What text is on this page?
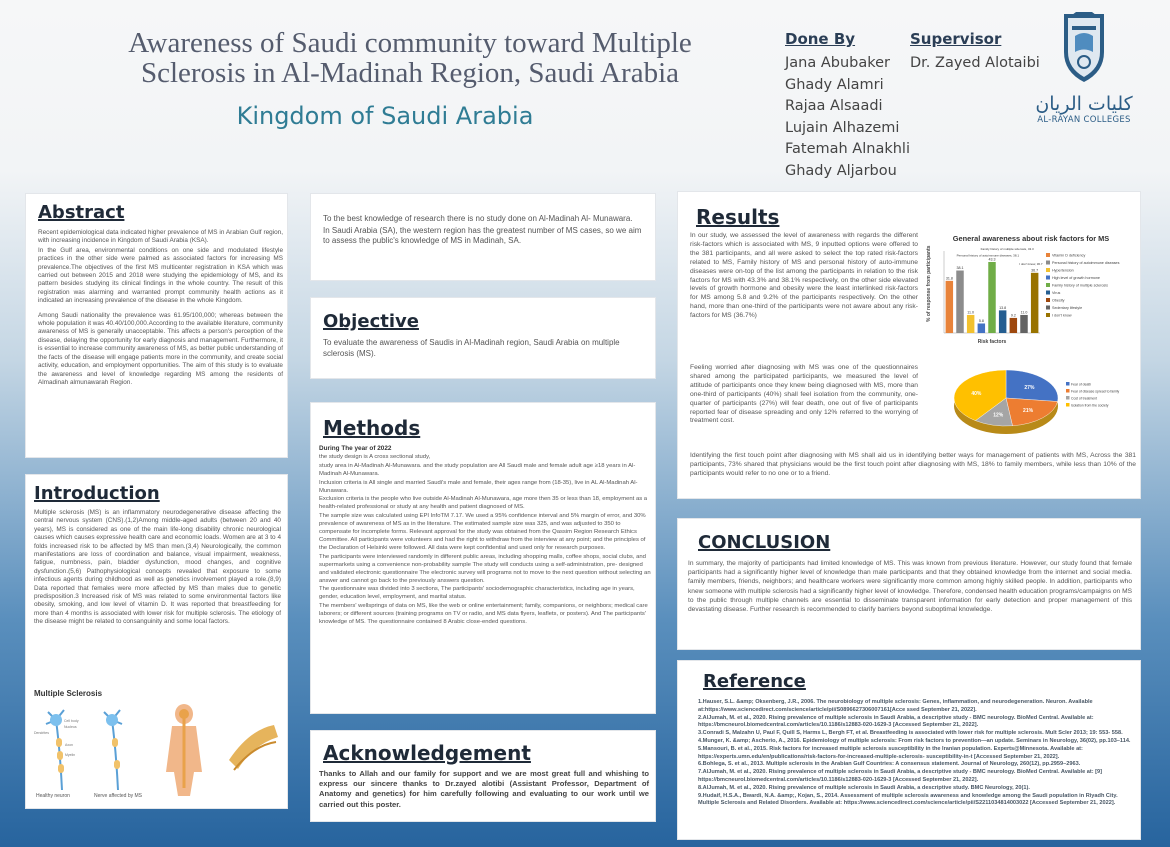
Awareness of Saudi community toward Multiple
Sclerosis in Al-Madinah Region, Saudi Arabia
Kingdom of Saudi Arabia
Done By
Jana Abubaker
Ghady Alamri
Rajaa Alsaadi
Lujain Alhazemi
Fatemah Alnakhli
Ghady Aljarbou
Supervisor
Dr. Zayed Alotaibi
كليات الريان
AL-RAYAN COLLEGES
Abstract

Recent epidemiological data indicated higher prevalence of MS in Arabian Gulf region, with increasing incidence in Kingdom of Saudi Arabia (KSA).

In the Gulf area, environmental conditions on one side and modulated lifestyle practices in the other side were palmed as associated factors for increasing MS prevalence.The objectives of the first MS multicenter registration in KSA which was carried out between 2015 and 2018 were studying the epidemiology of MS, and its pattern besides studying its clinical findings in the whole country. The result of this registration was alarming and warranted prompt community health actions as it indicated an increasing prevalence of the disease in the whole Kingdom.

Among Saudi nationality the prevalence was 61.95/100,000; whereas between the whole population it was 40.40/100,000.According to the available literature, community awareness of MS is generally unacceptable. This affects a person's perception of the disease, delaying the opportunity for early diagnosis and management. Furthermore, it is essential to increase community awareness of MS, as better public understanding of the facts of the disease will engage patients more in the community, and create social activity, education, and employment opportunities. The aim of this study is to evaluate the awareness and level of knowledge regarding MS among the residents of Almadinah almunawarah Region.

Introduction
Multiple sclerosis (MS) is an inflammatory neurodegenerative disease affecting the central nervous system (CNS).(1,2)Among middle-aged adults (between 20 and 40 years), MS is considered as one of the main life-long disability chronic neurological causes which causes expressive health care and economic loads. Women are at 3 to 4 folds increased risk to be affected by MS than men.(3,4) Neurologically, the common manifestations are loss of coordination and balance, visual impairment, weakness, fatigue, numbness, pain, bladder dysfunction, mood changes, and cognitive dysfunction.(5,6) Pathophysiological concepts revealed that exposure to some infectious agents during childhood as well as genetics involvement played a role.(8,9) Data reported that females were more affected by MS than males due to genetic predisposition.3 Increased risk of MS was related to some environmental factors like obesity, smoking, and low level of vitamin D. It was reported that breastfeeding for more than 4 months is associated with lower risk for multiple sclerosis. The etiology of the disease might be related to consanguinity and some local factors.
Multiple Sclerosis
Healthy neuron	Nerve affected by MS
Dendrites
Axon
Myelin
Cell body
Nucleus

To the best knowledge of research there is no study done on Al-Madinah Al- Munawara.

In Saudi Arabia (SA), the western region has the greatest number of MS cases, so we aim to assess the public's knowledge of MS in Madinah, SA.

Objective
To evaluate the awareness of Saudis in Al-Madinah region, Saudi Arabia on multiple sclerosis (MS).
Methods

During The year of 2022

the study design is A cross sectional study,

study area in Al-Madinah Al-Munawara. and the study population are All Saudi male and female adult age ≥18 years in Al-Madinah Al-Munawara.

Inclusion criteria is All single and married Saudi's male and female, their ages range from (18-35), live in AL Al-Madinah Al-Munawara.

Exclusion criteria is the people who live outside Al-Madinah Al-Munawara, age more then 35 or less than 18, employment as a health-related professional or study at any health and patient diagnosed of MS.

The sample size was calculated using EPI InfoTM 7.17. We used a 95% confidence interval and 5% margin of error, and 30% prevalence of awareness of MS as in the literature. The estimated sample size was 325, and was adjusted to 350 to compensate for incomplete forms. Relevant approval for the study was obtained from the Qassim Region Research Ethics Committee. All participants were volunteers and had the right to withdraw from the interview at any point; and the principles of the Declaration of Helsinki were followed. All data were kept confidential and used only for research purposes.

The participants were interviewed randomly in different public areas, including shopping malls, coffee shops, social clubs, and supermarkets using a convenience non-probability sample The study will conducts using a self-administration, pre- designed and validated electronic questionnaire The electronic survey will programs not to move to the next question without selecting an answer and cannot go back to the previously answers question.

The questionnaire was divided into 3 sections, The participants' sociodemographic characteristics, including age in years, gender, education level, employment, and marital status.

The members' wellsprings of data on MS, like the web or online entertainment; family, companions, or neighbors; medical care laborers; or different sources (training programs on TV or radio, and MS data flyers, leaflets, or posters). And The participants' knowledge of MS. The questionnaire contained 8 Arabic close-ended questions.

Acknowledgement
Thanks to Allah and our family for support and we are most great full and whishing to express our sincere thanks to Dr.zayed alotibi (Assistant Professor, Department of Anatomy and genetics) for him carefully following and evaluating to our work until we carried out this poster.
Results
In our study, we assessed the level of awareness with regards the different risk-factors which is associated with MS, 9 inputted options were offered to the 381 participants, and all were asked to select the top rated risk-factors related to MS, Family history of MS and personal history of auto-immune diseases were on-top of the list among the participants in relation to the risk factors for MS with 43.3% and 38.1% respectively, on the other side elevated levels of growth hormone and obesity were the least interlinked risk-factors for MS among 5.8 and 9.2% of the participants respectively. On the other hand, more than one-third of the participants were not aware about any risk-factors for MS (36.7%)
Feeling worried after diagnosing with MS was one of the questionnaires shared among the participated participants, we measured the level of attitude of participants once they knew being diagnosed with MS, more than one-third of participants (40%) shall feel isolation from the community, one-quarter of participants (27%) will fear death, one out of five of participants reported fear of disease spreading and only 12% referred to the worrying of treatment cost.
Identifying the first touch point after diagnosing with MS shall aid us in identifying better ways for management of patients with MS, Across the 381 participants, 73% shared that physicians would be the first touch point after diagnosing with MS, 18% to family members, while less than 10% of the participants would refer to no one or to a friend.
General awareness about risk factors for MS
% of response from participants
Risk factors
31.8
38.1
11.0
5.8
43.3
13.8
9.2
11.0
36.7
Personal history of autoimmune diseases, 38.1
Family history of multiple sclerosis, 43.3
I don't know, 36.7
Vitamin D deficiency
Personal history of autoimmune diseases
Hypertension
High level of growth hormone
Family history of multiple sclerosis
Virus
Obesity
Sedentary lifestyle
I don't know
27%
21%
12%
40%
Fear of death
Fear of disease spread to family
Cost of treatment
Isolation from the society
CONCLUSION
In summary, the majority of participants had limited knowledge of MS. This was known from previous literature. However, our study found that female participants had a significantly higher level of knowledge than male participants and that they obtained knowledge from the internet and social media. family members, friends, neighbors; and healthcare workers were significantly more common among highly skilled people. In addition, participants who knew someone with multiple sclerosis had a significantly higher level of knowledge. Therefore, condensed health education programs/campaigns on MS to the public through multiple channels are essential to disseminate transparent information for early detection and proper management of this devastating disease. Further research is recommended to clarify barriers beyond suboptimal knowledge.
Reference
1.Hauser, S.L. &amp; Oksenberg, J.R., 2006. The neurobiology of multiple sclerosis: Genes, inflammation, and neurodegeneration. Neuron. Available at:https://www.sciencedirect.com/science/article/pii/S0896627306007161[Acce ssed September 21, 2022].
2.AlJumah, M. et al., 2020. Rising prevalence of multiple sclerosis in Saudi Arabia, a descriptive study - BMC neurology. BioMed Central. Available at: https://bmcneurol.biomedcentral.com/articles/10.1186/s12883-020-1629-3 [Accessed September 21, 2022].
3.Conradi S, Malzahn U, Paul F, Quill S, Harms L, Bergh FT, et al. Breastfeeding is associated with lower risk for multiple sclerosis. Mult Scler 2013; 19: 553- 558.
4.Munger, K. &amp; Ascherio, A., 2016. Epidemiology of multiple sclerosis: From risk factors to prevention—an update. Seminars in Neurology, 36(02), pp.103–114.
5.Mansouri, B. et al., 2015. Risk factors for increased multiple sclerosis susceptibility in the Iranian population. Experts@Minnesota. Available at: https://experts.umn.edu/en/publications/risk-factors-for-increased-multiple-sclerosis- susceptibility-in-t [Accessed September 21, 2022].
6.Bohlega, S. et al., 2013. Multiple sclerosis in the Arabian Gulf Countries: A consensus statement. Journal of Neurology, 260(12), pp.2959–2963.
7.AlJumah, M. et al., 2020. Rising prevalence of multiple sclerosis in Saudi Arabia, a descriptive study - BMC neurology. BioMed Central. Available at: [9] https://bmcneurol.biomedcentral.com/articles/10.1186/s12883-020-1629-3 [Accessed September 21, 2022].
8.AlJumah, M. et al., 2020. Rising prevalence of multiple sclerosis in Saudi Arabia, a descriptive study. BMC Neurology, 20(1).
9.Hudaif, H.S.A., Bwardi, N.A. &amp;, Kojan, S., 2014. Assessment of multiple sclerosis awareness and knowledge among the Saudi population in Riyadh City. Multiple Sclerosis and Related Disorders. Available at: https://www.sciencedirect.com/science/article/pii/S2211034814003022 [Accessed September 21, 2022].
